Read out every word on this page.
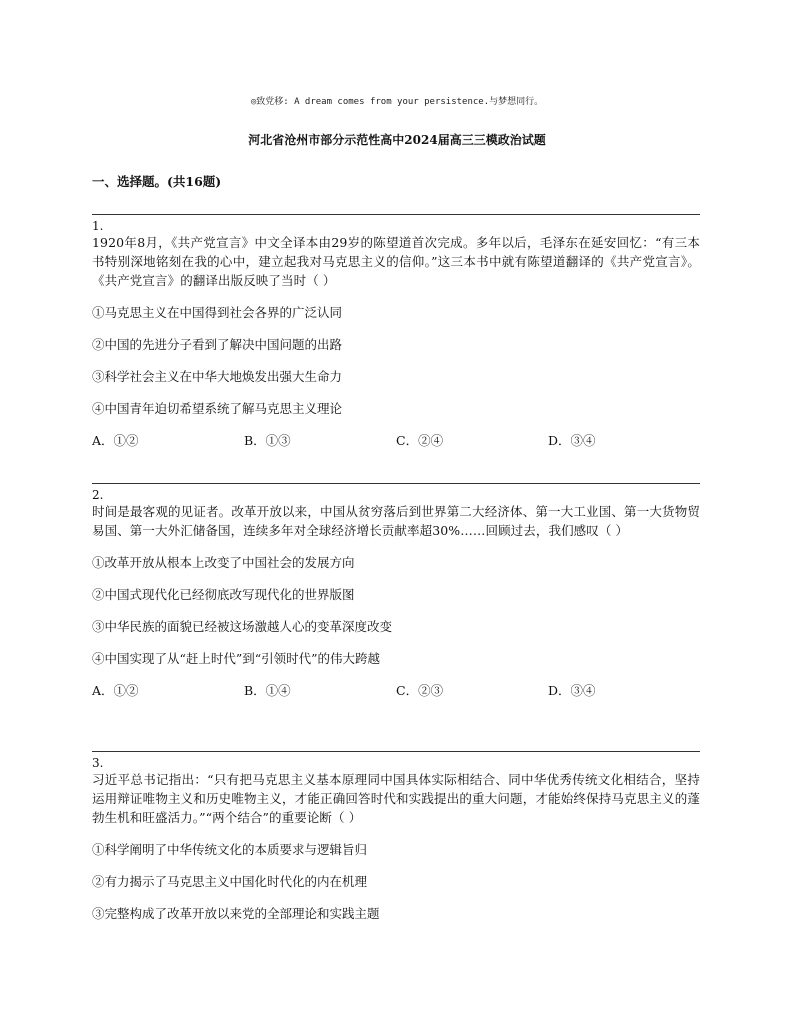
◎致党移: A dream comes from your persistence.与梦想同行。
河北省沧州市部分示范性高中2024届高三三模政治试题
一、选择题。(共16题)
1.
1920年8月，《共产党宣言》中文全译本由29岁的陈望道首次完成。多年以后，毛泽东在延安回忆：“有三本书特别深地铭刻在我的心中，建立起我对马克思主义的信仰。”这三本书中就有陈望道翻译的《共产党宣言》。《共产党宣言》的翻译出版反映了当时（ ）
①马克思主义在中国得到社会各界的广泛认同
②中国的先进分子看到了解决中国问题的出路
③科学社会主义在中华大地焕发出强大生命力
④中国青年迫切希望系统了解马克思主义理论
A．①②	B．①③	C．②④	D．③④
2.
时间是最客观的见证者。改革开放以来，中国从贫穷落后到世界第二大经济体、第一大工业国、第一大货物贸易国、第一大外汇储备国，连续多年对全球经济增长贡献率超30%……回顾过去，我们感叹（ ）
①改革开放从根本上改变了中国社会的发展方向
②中国式现代化已经彻底改写现代化的世界版图
③中华民族的面貌已经被这场激越人心的变革深度改变
④中国实现了从“赶上时代”到“引领时代”的伟大跨越
A．①②	B．①④	C．②③	D．③④
3.
习近平总书记指出：“只有把马克思主义基本原理同中国具体实际相结合、同中华优秀传统文化相结合，坚持运用辩证唯物主义和历史唯物主义，才能正确回答时代和实践提出的重大问题，才能始终保持马克思主义的蓬勃生机和旺盛活力。”“两个结合”的重要论断（ ）
①科学阐明了中华传统文化的本质要求与逻辑旨归
②有力揭示了马克思主义中国化时代化的内在机理
③完整构成了改革开放以来党的全部理论和实践主题
